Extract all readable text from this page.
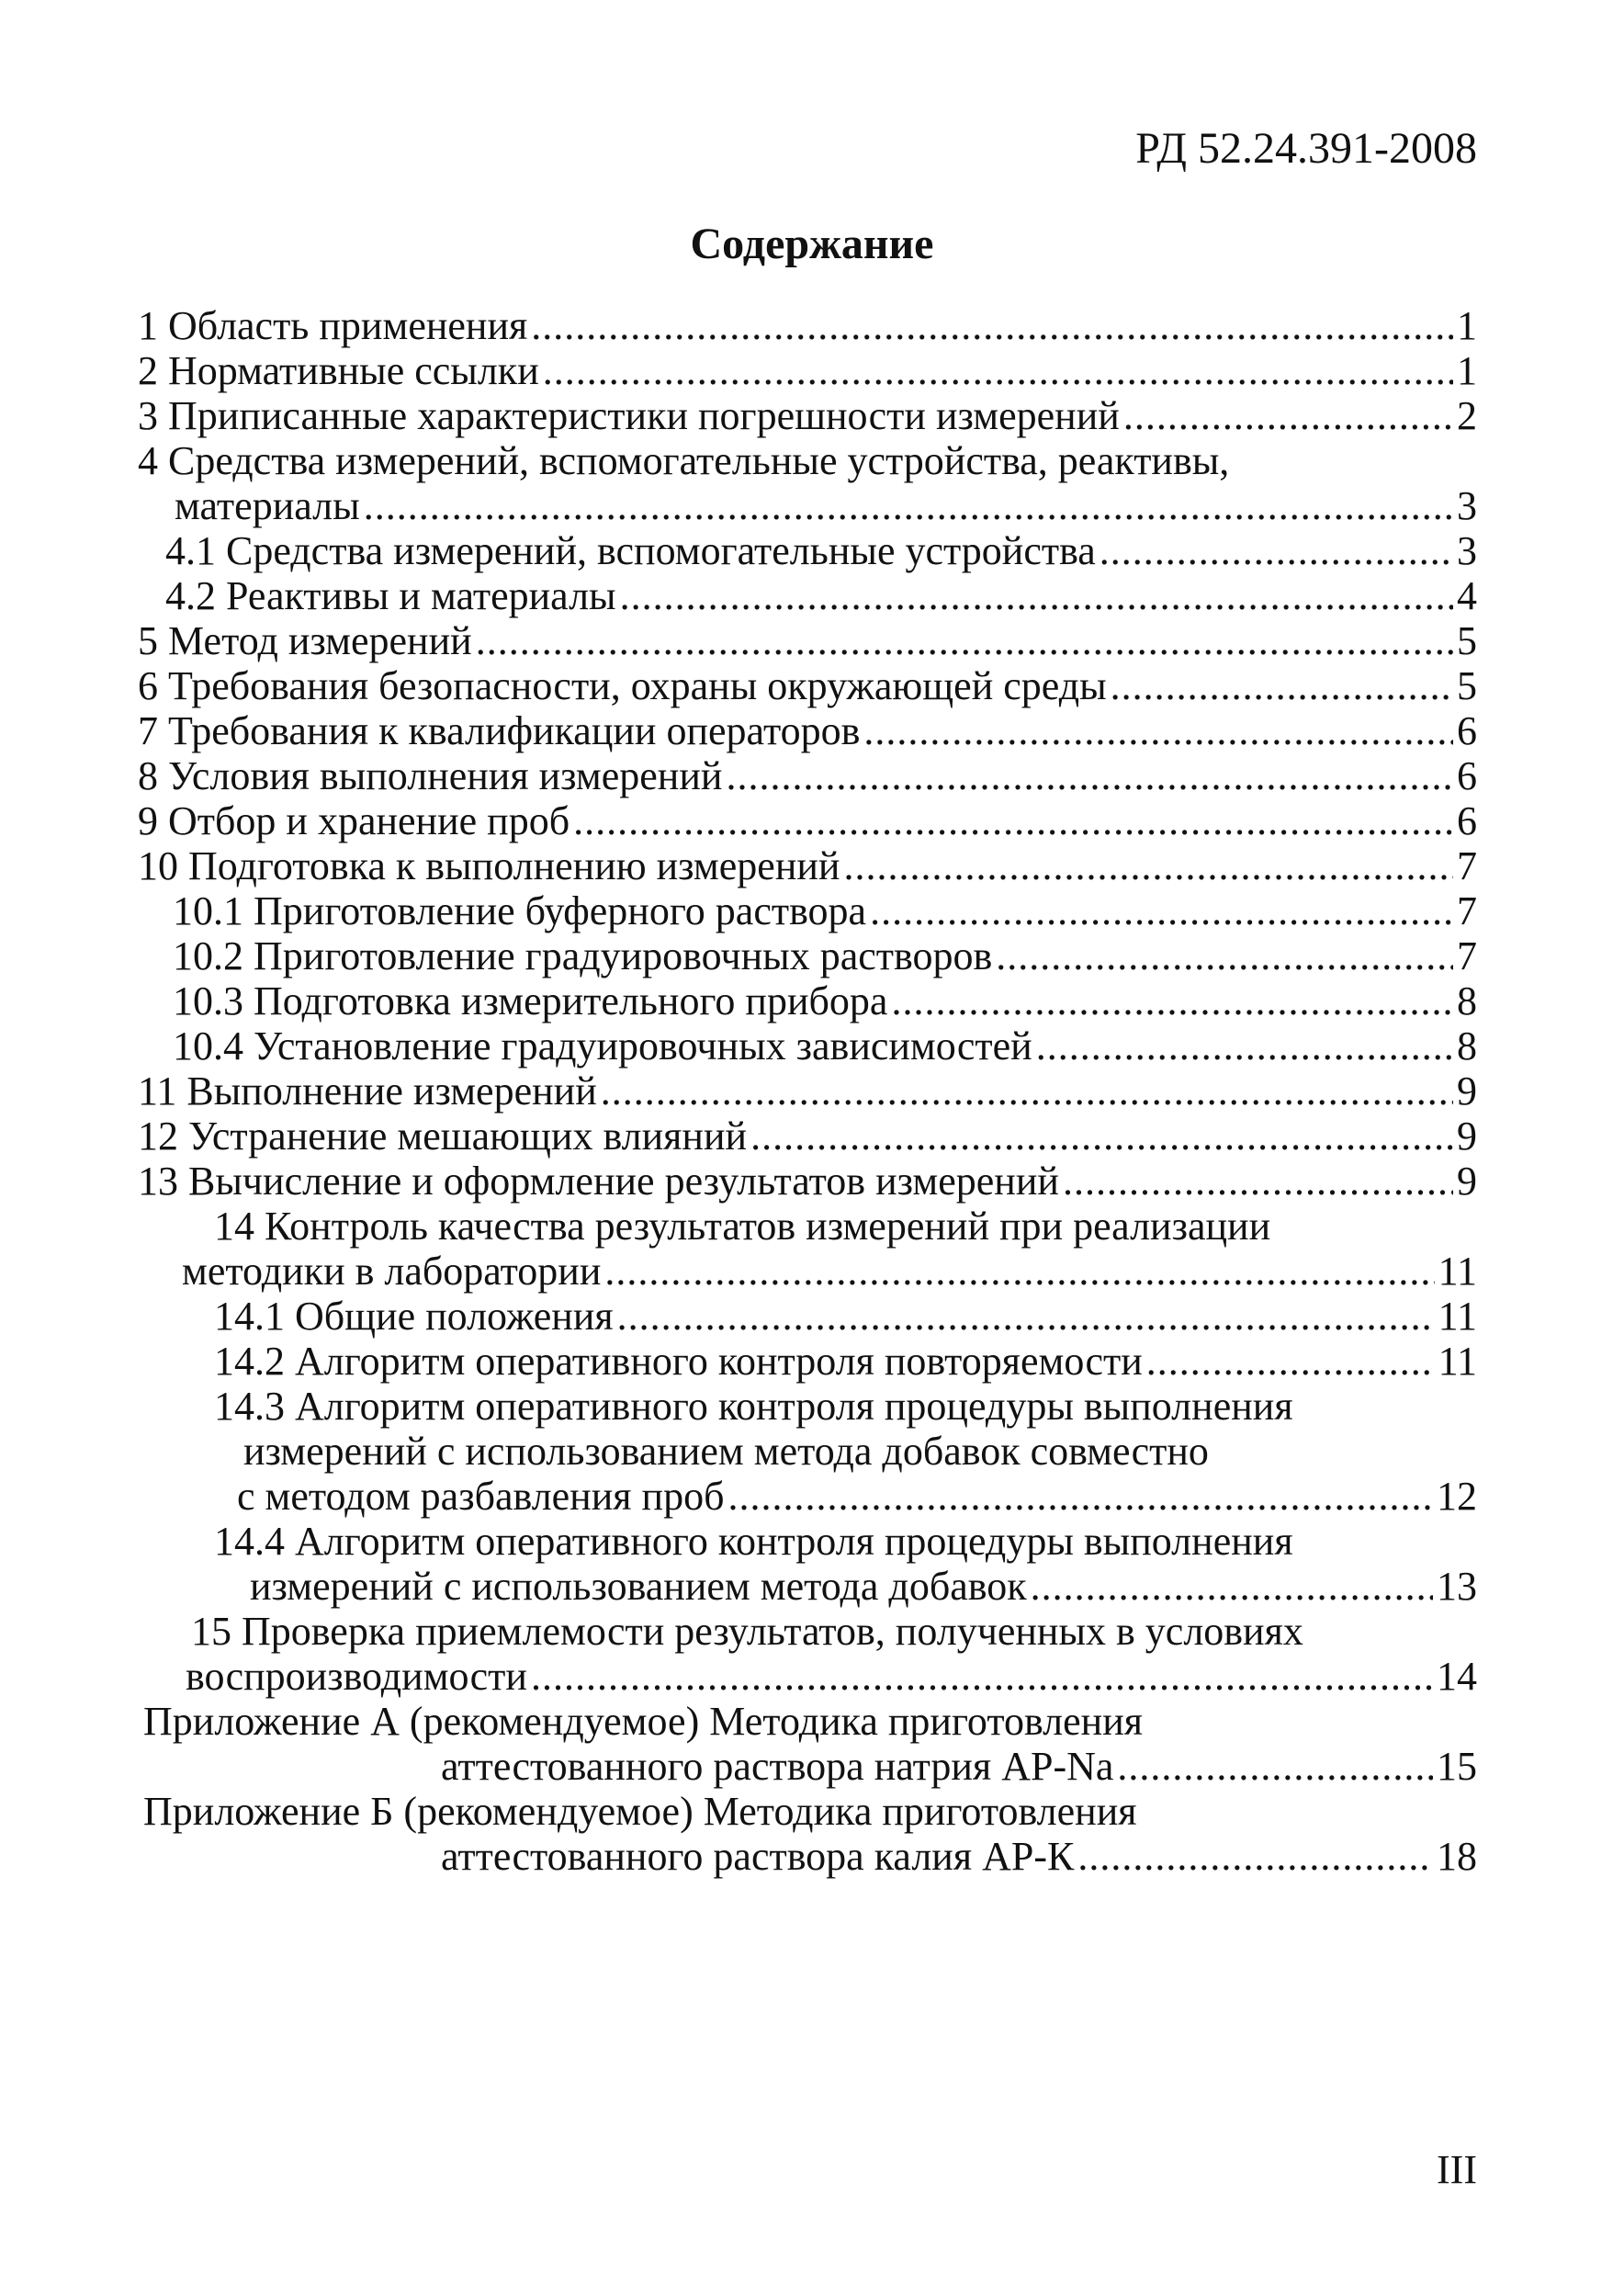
РД 52.24.391-2008
Содержание
1 Область применения .....	1
2 Нормативные ссылки .....	1
3 Приписанные характеристики погрешности измерений .....	2
4 Средства измерений, вспомогательные устройства, реактивы,
материалы .....	3
4.1 Средства измерений, вспомогательные устройства .....	3
4.2 Реактивы и материалы .....	4
5 Метод измерений .....	5
6 Требования безопасности, охраны окружающей среды .....	5
7 Требования к квалификации операторов .....	6
8 Условия выполнения измерений .....	6
9 Отбор и хранение проб .....	6
10 Подготовка к выполнению измерений .....	7
10.1 Приготовление буферного раствора .....	7
10.2 Приготовление градуировочных растворов .....	7
10.3 Подготовка измерительного прибора .....	8
10.4 Установление градуировочных зависимостей .....	8
11 Выполнение измерений .....	9
12 Устранение мешающих влияний .....	9
13 Вычисление и оформление результатов измерений .....	9
14 Контроль качества результатов измерений при реализации
методики в лаборатории .....	11
14.1 Общие положения .....	11
14.2 Алгоритм оперативного контроля повторяемости .....	11
14.3 Алгоритм оперативного контроля процедуры выполнения
измерений с использованием метода добавок совместно
с методом разбавления проб .....	12
14.4 Алгоритм оперативного контроля процедуры выполнения
измерений с использованием метода добавок .....	13
15 Проверка приемлемости результатов, полученных в условиях
воспроизводимости .....	14
Приложение А (рекомендуемое) Методика приготовления
аттестованного раствора натрия АР-Na .....	15
Приложение Б (рекомендуемое) Методика приготовления
аттестованного раствора калия АР-К .....	18
III
